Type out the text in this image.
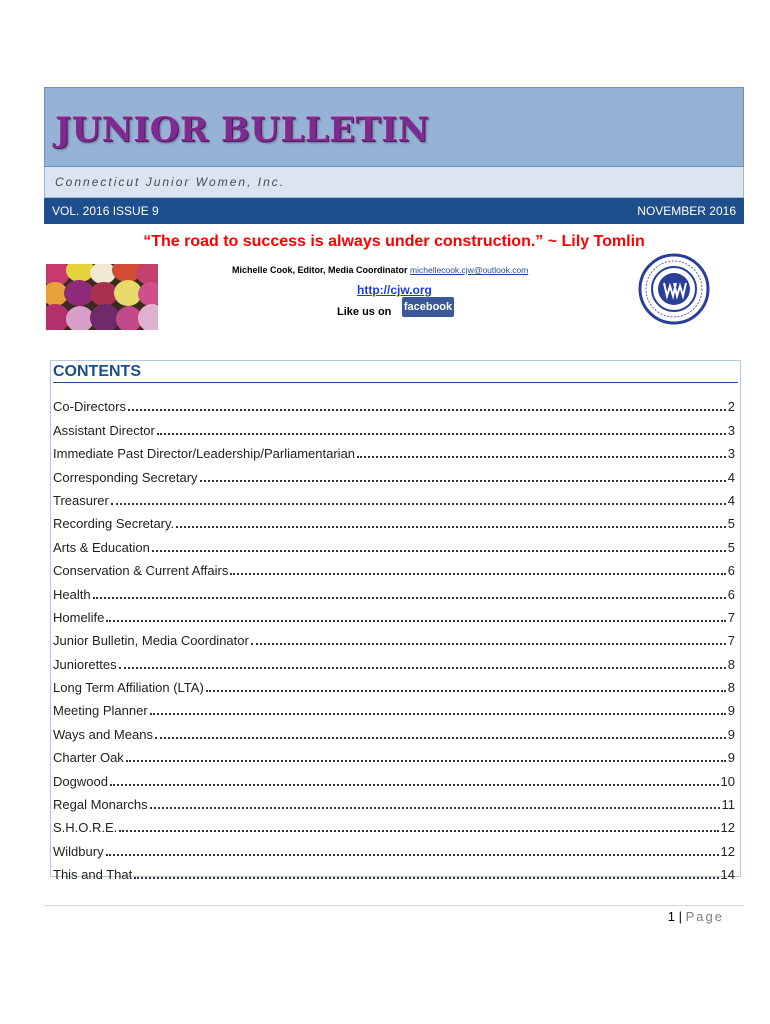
JUNIOR BULLETIN
Connecticut Junior Women, Inc.
VOL. 2016 ISSUE 9	NOVEMBER 2016
“The road to success is always under construction.” ~ Lily Tomlin
Michelle Cook, Editor, Media Coordinator michellecook.cjw@outlook.com
http://cjw.org
Like us on facebook
CONTENTS
Co-Directors	2
Assistant Director	3
Immediate Past Director/Leadership/Parliamentarian	3
Corresponding Secretary	4
Treasurer	4
Recording Secretary.	5
Arts & Education	5
Conservation & Current Affairs	6
Health	6
Homelife	7
Junior Bulletin, Media Coordinator	7
Juniorettes	8
Long Term Affiliation (LTA)	8
Meeting Planner	9
Ways and Means	9
Charter Oak	9
Dogwood	10
Regal Monarchs	11
S.H.O.R.E.	12
Wildbury	12
This and That	14
1 | Page
